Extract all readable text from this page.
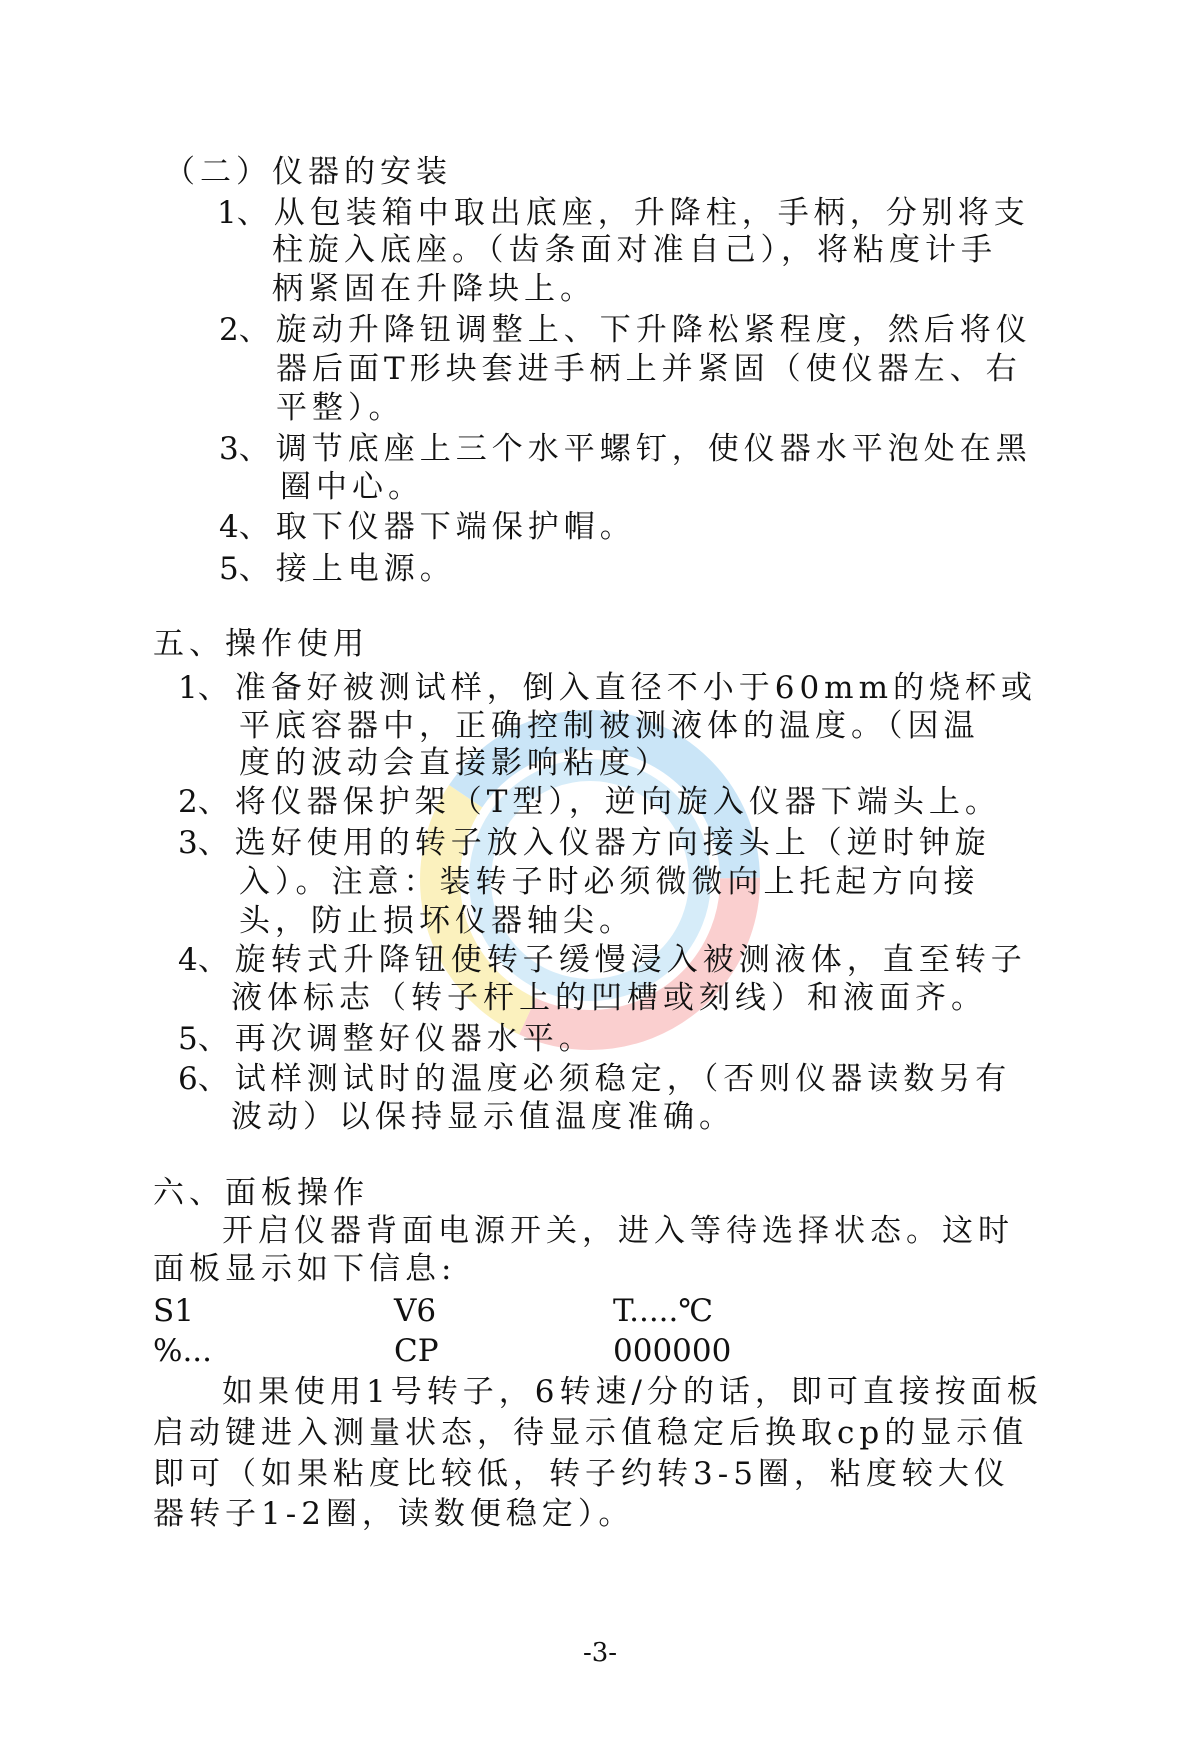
（二）仪器的安装
1、 从包装箱中取出底座，升降柱，手柄，分别将支
柱旋入底座。（齿条面对准自己），将粘度计手
柄紧固在升降块上。
2、 旋动升降钮调整上、下升降松紧程度，然后将仪
器后面T形块套进手柄上并紧固（使仪器左、右
平整）。
3、 调节底座上三个水平螺钉，使仪器水平泡处在黑
圈中心。
4、 取下仪器下端保护帽。
5、 接上电源。
五、操作使用
1、 准备好被测试样，倒入直径不小于60mm的烧杯或
平底容器中，正确控制被测液体的温度。（因温
度的波动会直接影响粘度）
2、 将仪器保护架（T型），逆向旋入仪器下端头上。
3、 选好使用的转子放入仪器方向接头上（逆时钟旋
入）。注意：装转子时必须微微向上托起方向接
头，防止损坏仪器轴尖。
4、 旋转式升降钮使转子缓慢浸入被测液体，直至转子
液体标志（转子杆上的凹槽或刻线）和液面齐。
5、 再次调整好仪器水平。
6、 试样测试时的温度必须稳定，（否则仪器读数另有
波动）以保持显示值温度准确。
六、面板操作
开启仪器背面电源开关，进入等待选择状态。这时
面板显示如下信息:
S1	V6	T.....℃
%...	CP	000000
如果使用1号转子，6转速/分的话，即可直接按面板
启动键进入测量状态，待显示值稳定后换取cp的显示值
即可（如果粘度比较低，转子约转3-5圈，粘度较大仪
器转子1-2圈，读数便稳定）。
-3-
